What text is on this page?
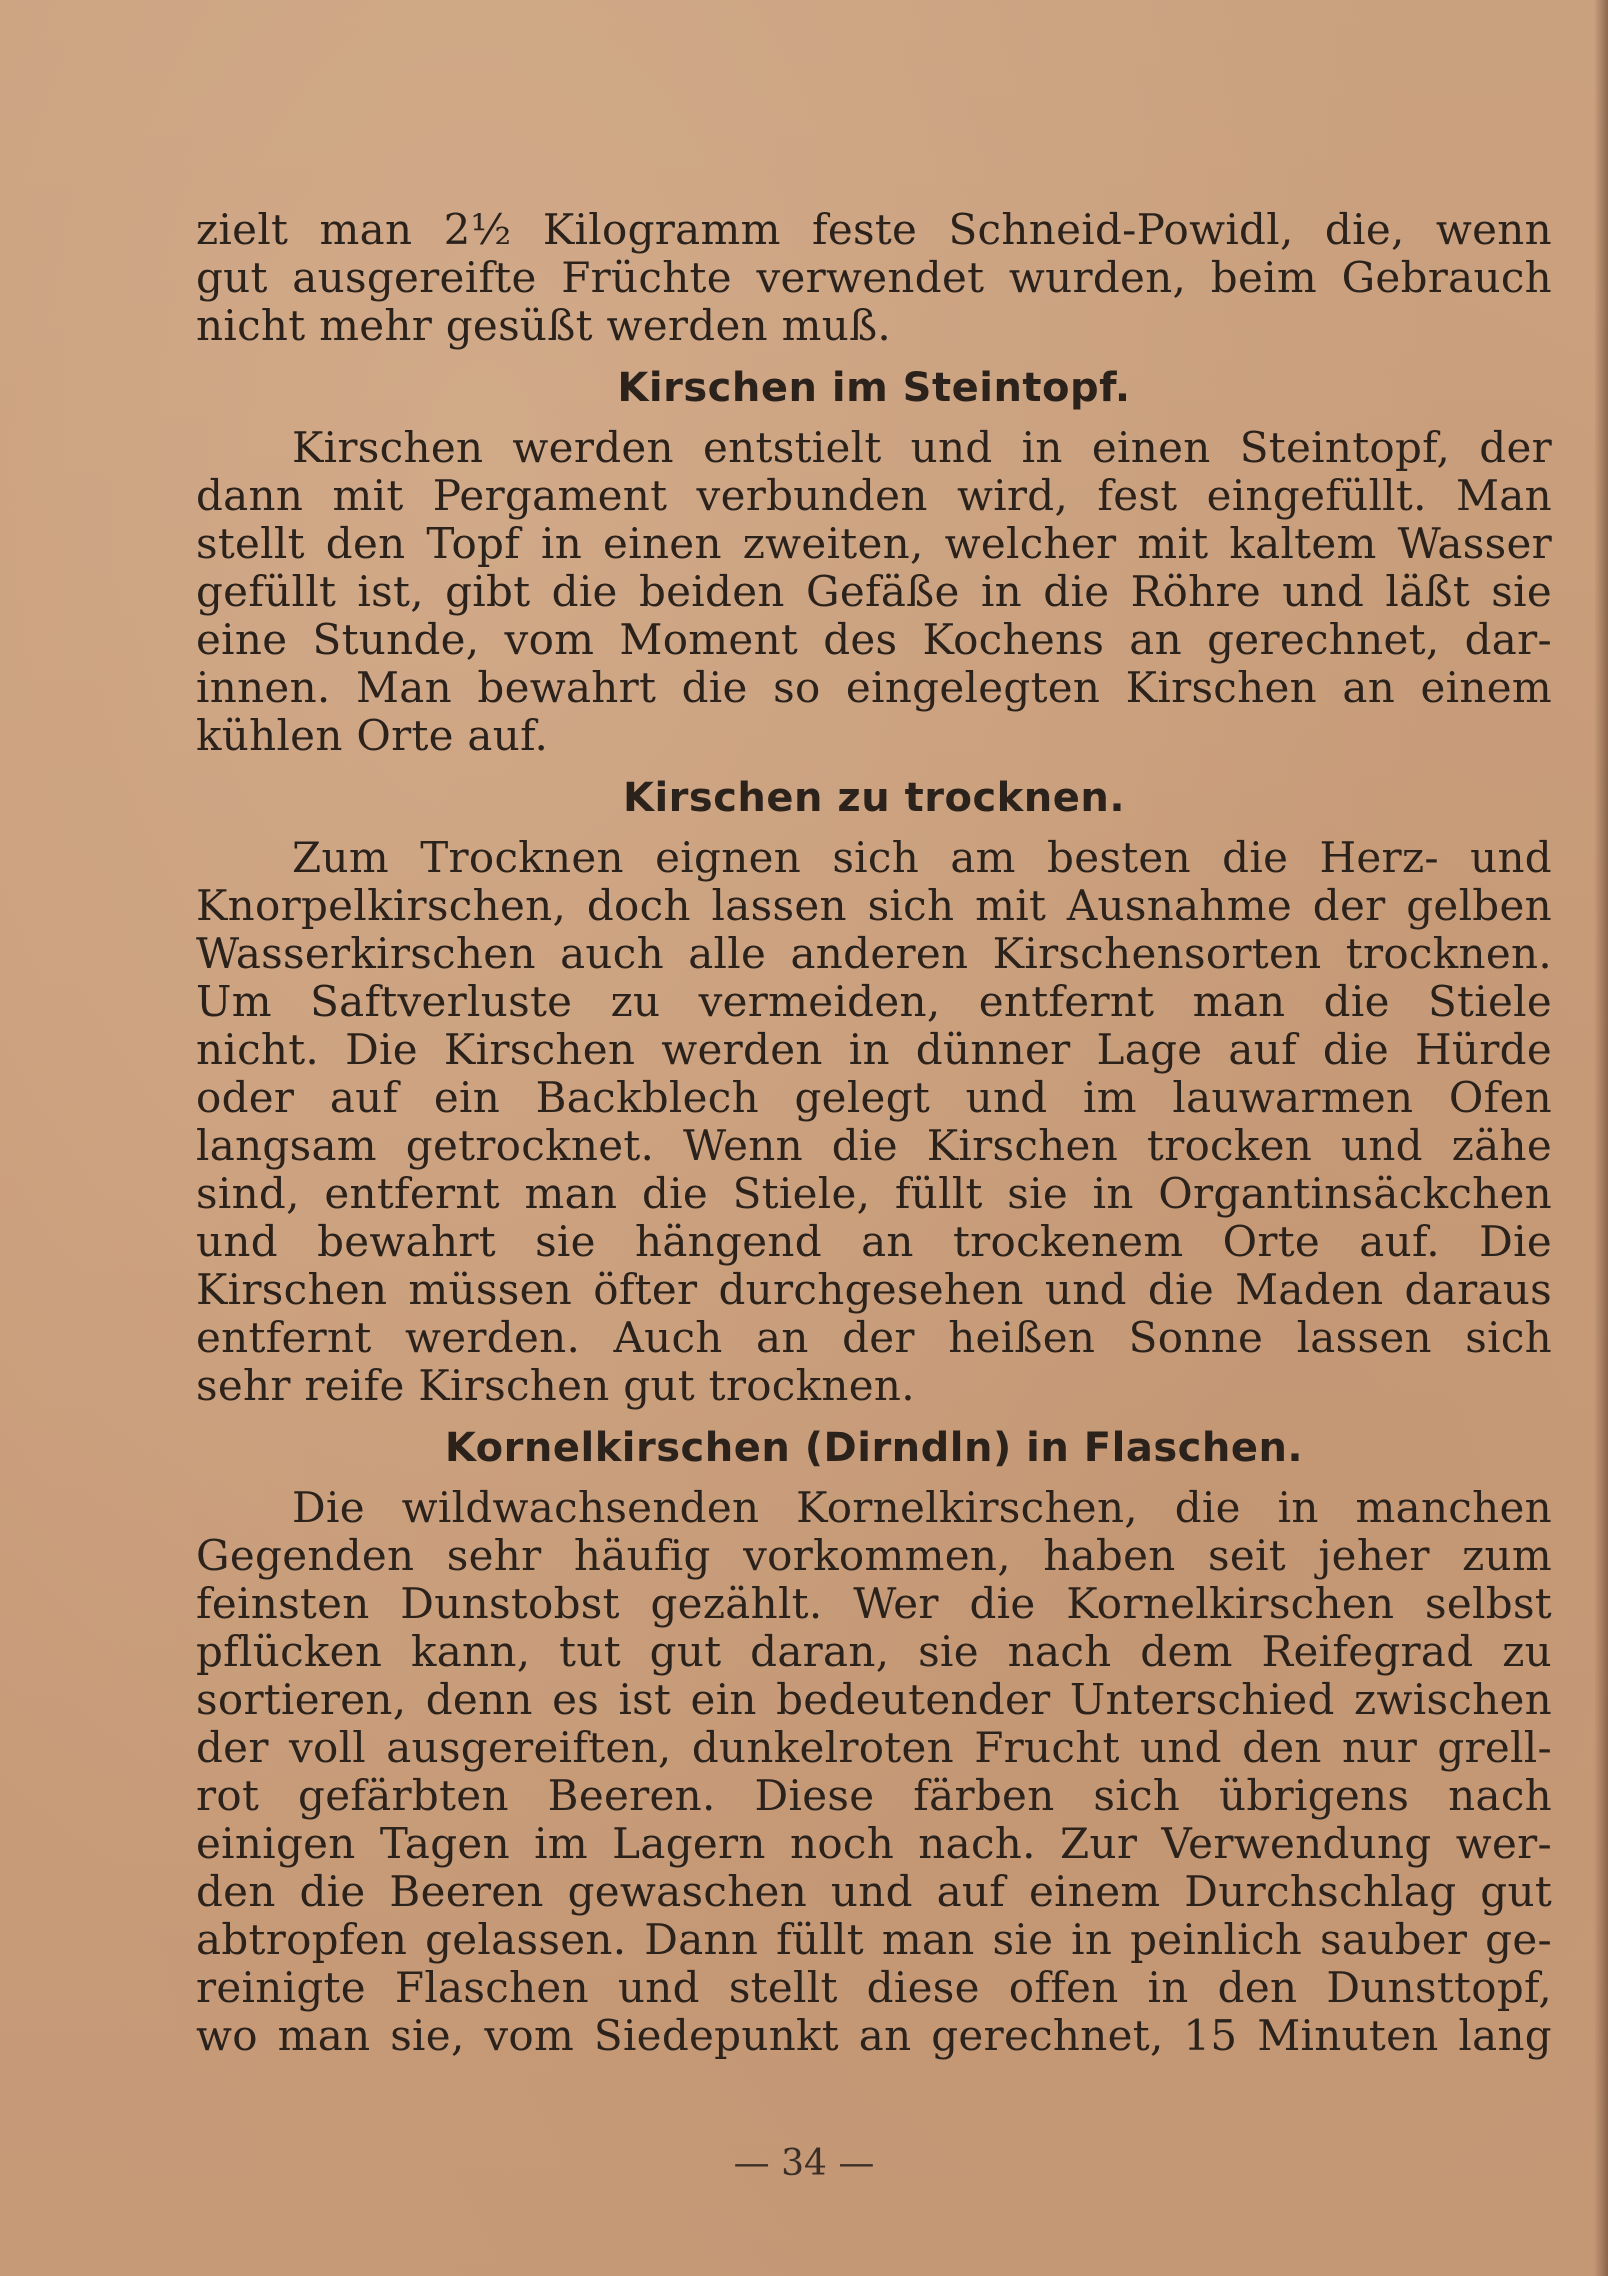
zielt man 2½ Kilogramm feste Schneid-Powidl, die, wenn
gut ausgereifte Früchte verwendet wurden, beim Gebrauch
nicht mehr gesüßt werden muß.
Kirschen im Steintopf.
Kirschen werden entstielt und in einen Steintopf, der
dann mit Pergament verbunden wird, fest eingefüllt. Man
stellt den Topf in einen zweiten, welcher mit kaltem Wasser
gefüllt ist, gibt die beiden Gefäße in die Röhre und läßt sie
eine Stunde, vom Moment des Kochens an gerechnet, dar-
innen. Man bewahrt die so eingelegten Kirschen an einem
kühlen Orte auf.
Kirschen zu trocknen.
Zum Trocknen eignen sich am besten die Herz- und
Knorpelkirschen, doch lassen sich mit Ausnahme der gelben
Wasserkirschen auch alle anderen Kirschensorten trocknen.
Um Saftverluste zu vermeiden, entfernt man die Stiele
nicht. Die Kirschen werden in dünner Lage auf die Hürde
oder auf ein Backblech gelegt und im lauwarmen Ofen
langsam getrocknet. Wenn die Kirschen trocken und zähe
sind, entfernt man die Stiele, füllt sie in Organtinsäckchen
und bewahrt sie hängend an trockenem Orte auf. Die
Kirschen müssen öfter durchgesehen und die Maden daraus
entfernt werden. Auch an der heißen Sonne lassen sich
sehr reife Kirschen gut trocknen.
Kornelkirschen (Dirndln) in Flaschen.
Die wildwachsenden Kornelkirschen, die in manchen
Gegenden sehr häufig vorkommen, haben seit jeher zum
feinsten Dunstobst gezählt. Wer die Kornelkirschen selbst
pflücken kann, tut gut daran, sie nach dem Reifegrad zu
sortieren, denn es ist ein bedeutender Unterschied zwischen
der voll ausgereiften, dunkelroten Frucht und den nur grell-
rot gefärbten Beeren. Diese färben sich übrigens nach
einigen Tagen im Lagern noch nach. Zur Verwendung wer-
den die Beeren gewaschen und auf einem Durchschlag gut
abtropfen gelassen. Dann füllt man sie in peinlich sauber ge-
reinigte Flaschen und stellt diese offen in den Dunsttopf,
wo man sie, vom Siedepunkt an gerechnet, 15 Minuten lang
— 34 —
